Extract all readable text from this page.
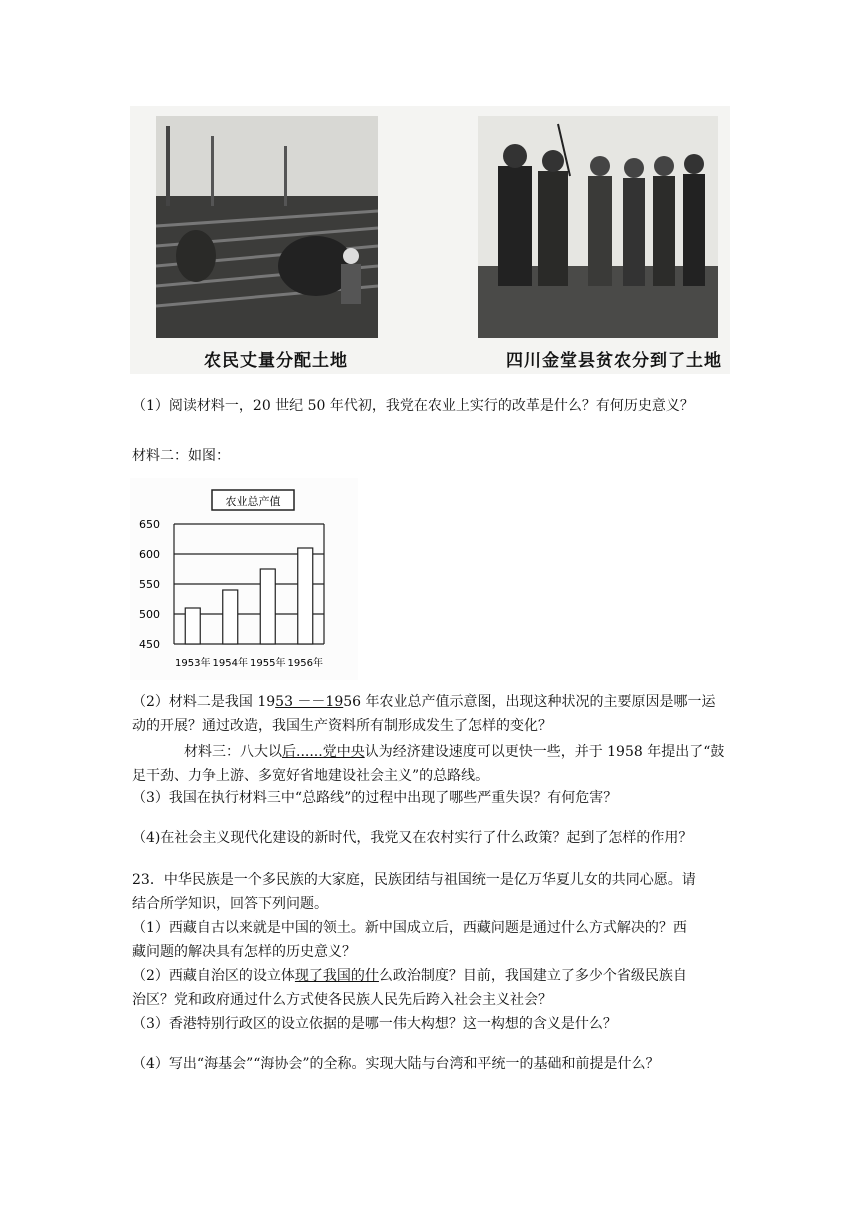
农民丈量分配土地	四川金堂县贫农分到了土地
（1）阅读材料一，20 世纪 50 年代初，我党在农业上实行的改革是什么？有何历史意义？
材料二：如图：
农业总产值
650
600
550
500
450
1953年 1954年 1955年 1956年
（2）材料二是我国 1953 －－1956 年农业总产值示意图，出现这种状况的主要原因是哪一运
动的开展？通过改造，我国生产资料所有制形成发生了怎样的变化？
材料三：八大以后......党中央认为经济建设速度可以更快一些，并于 1958 年提出了“鼓
足干劲、力争上游、多宽好省地建设社会主义”的总路线。
（3）我国在执行材料三中“总路线”的过程中出现了哪些严重失误？有何危害？
（4)在社会主义现代化建设的新时代，我党又在农村实行了什么政策？起到了怎样的作用？
23．中华民族是一个多民族的大家庭，民族团结与祖国统一是亿万华夏儿女的共同心愿。请
结合所学知识，回答下列问题。
（1）西藏自古以来就是中国的领土。新中国成立后，西藏问题是通过什么方式解决的？西
藏问题的解决具有怎样的历史意义？
（2）西藏自治区的设立体现了我国的什么政治制度？目前，我国建立了多少个省级民族自
治区？党和政府通过什么方式使各民族人民先后跨入社会主义社会？
（3）香港特别行政区的设立依据的是哪一伟大构想？这一构想的含义是什么？
（4）写出“海基会”“海协会”的全称。实现大陆与台湾和平统一的基础和前提是什么？
